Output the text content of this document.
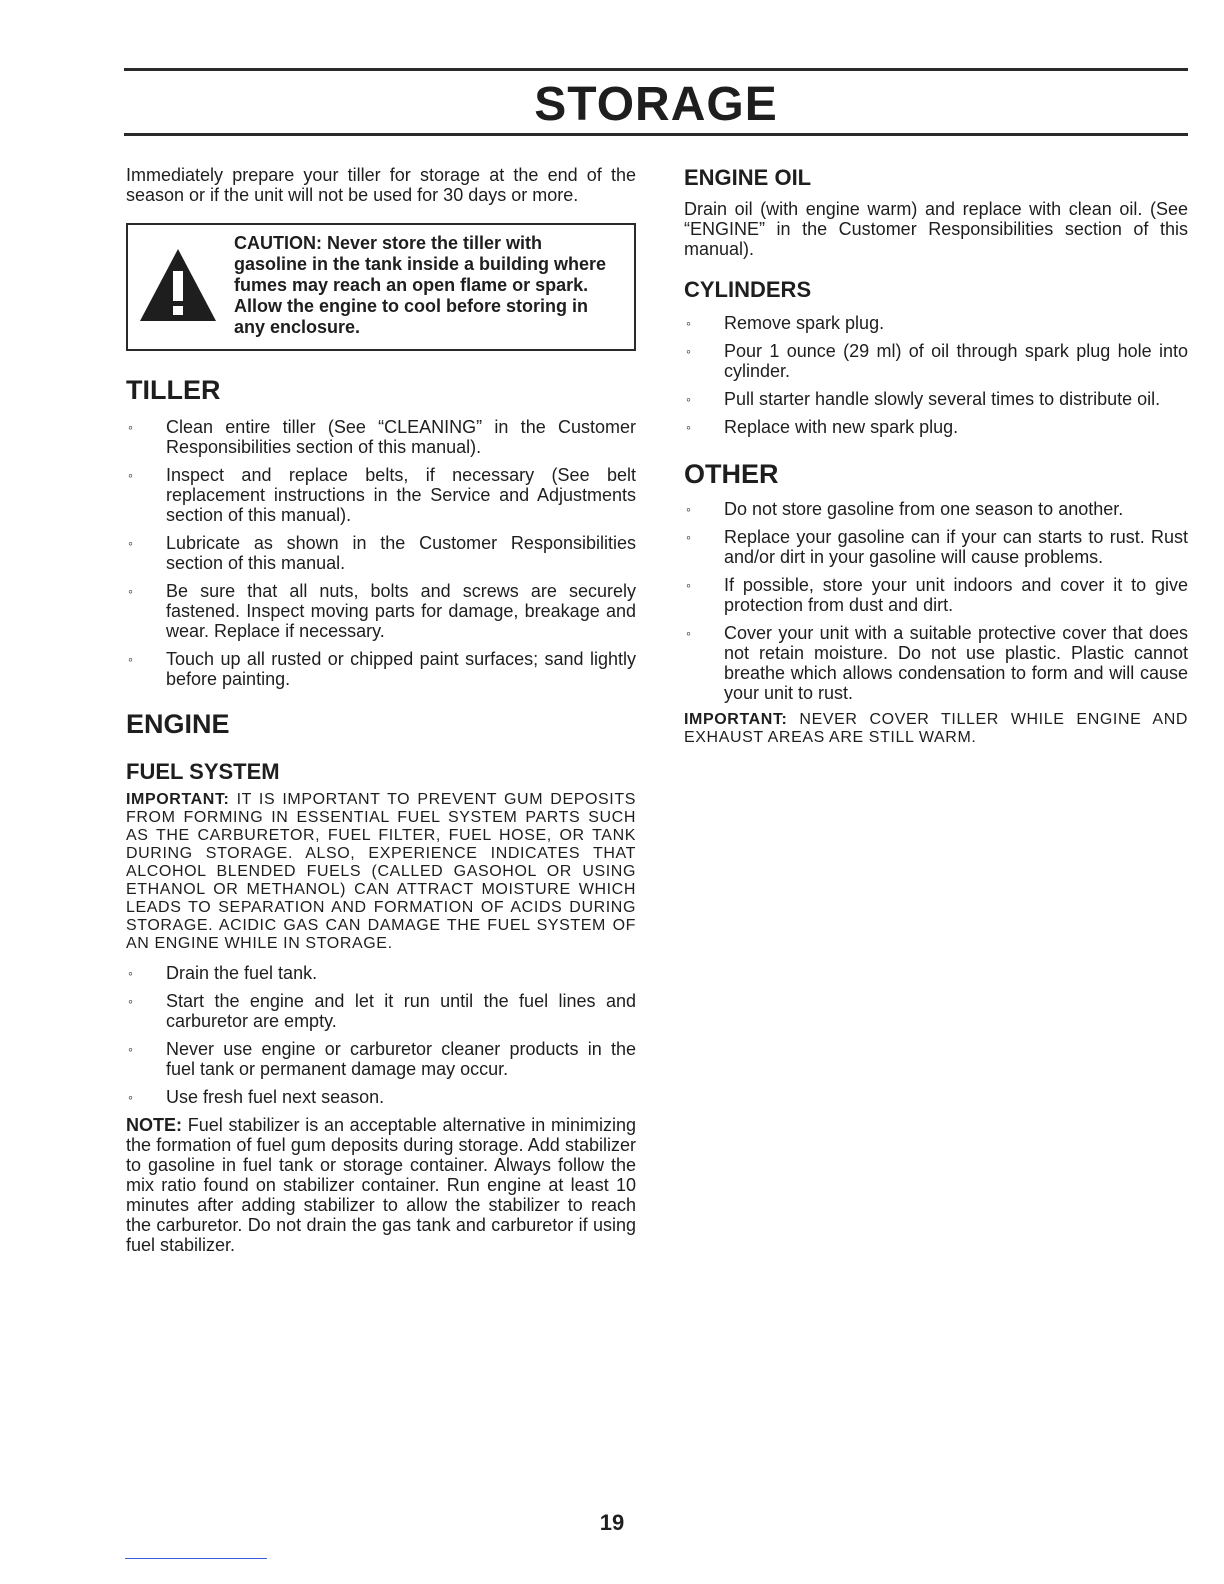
STORAGE

Immediately prepare your tiller for storage at the end of the season or if the unit will not be used for 30 days or more.

CAUTION: Never store the tiller with gasoline in the tank inside a building where fumes may reach an open flame or spark. Allow the engine to cool before storing in any enclosure.

TILLER
◦ Clean entire tiller (See “CLEANING” in the Customer Responsibilities section of this manual).
◦ Inspect and replace belts, if necessary (See belt replacement instructions in the Service and Adjustments section of this manual).
◦ Lubricate as shown in the Customer Responsibilities section of this manual.
◦ Be sure that all nuts, bolts and screws are securely fastened. Inspect moving parts for damage, breakage and wear. Replace if necessary.
◦ Touch up all rusted or chipped paint surfaces; sand lightly before painting.
ENGINE
FUEL SYSTEM

IMPORTANT: IT IS IMPORTANT TO PREVENT GUM DEPOSITS FROM FORMING IN ESSENTIAL FUEL SYSTEM PARTS SUCH AS THE CARBURETOR, FUEL FILTER, FUEL HOSE, OR TANK DURING STORAGE. ALSO, EXPERIENCE INDICATES THAT ALCOHOL BLENDED FUELS (CALLED GASOHOL OR USING ETHANOL OR METHANOL) CAN ATTRACT MOISTURE WHICH LEADS TO SEPARATION AND FORMATION OF ACIDS DURING STORAGE. ACIDIC GAS CAN DAMAGE THE FUEL SYSTEM OF AN ENGINE WHILE IN STORAGE.

◦ Drain the fuel tank.
◦ Start the engine and let it run until the fuel lines and carburetor are empty.
◦ Never use engine or carburetor cleaner products in the fuel tank or permanent damage may occur.
◦ Use fresh fuel next season.

NOTE: Fuel stabilizer is an acceptable alternative in minimizing the formation of fuel gum deposits during storage. Add stabilizer to gasoline in fuel tank or storage container. Always follow the mix ratio found on stabilizer container. Run engine at least 10 minutes after adding stabilizer to allow the stabilizer to reach the carburetor. Do not drain the gas tank and carburetor if using fuel stabilizer.

ENGINE OIL

Drain oil (with engine warm) and replace with clean oil. (See “ENGINE” in the Customer Responsibilities section of this manual).

CYLINDERS
◦ Remove spark plug.
◦ Pour 1 ounce (29 ml) of oil through spark plug hole into cylinder.
◦ Pull starter handle slowly several times to distribute oil.
◦ Replace with new spark plug.
OTHER
◦ Do not store gasoline from one season to another.
◦ Replace your gasoline can if your can starts to rust. Rust and/or dirt in your gasoline will cause problems.
◦ If possible, store your unit indoors and cover it to give protection from dust and dirt.
◦ Cover your unit with a suitable protective cover that does not retain moisture. Do not use plastic. Plastic cannot breathe which allows condensation to form and will cause your unit to rust.

IMPORTANT: NEVER COVER TILLER WHILE ENGINE AND EXHAUST AREAS ARE STILL WARM.

19
